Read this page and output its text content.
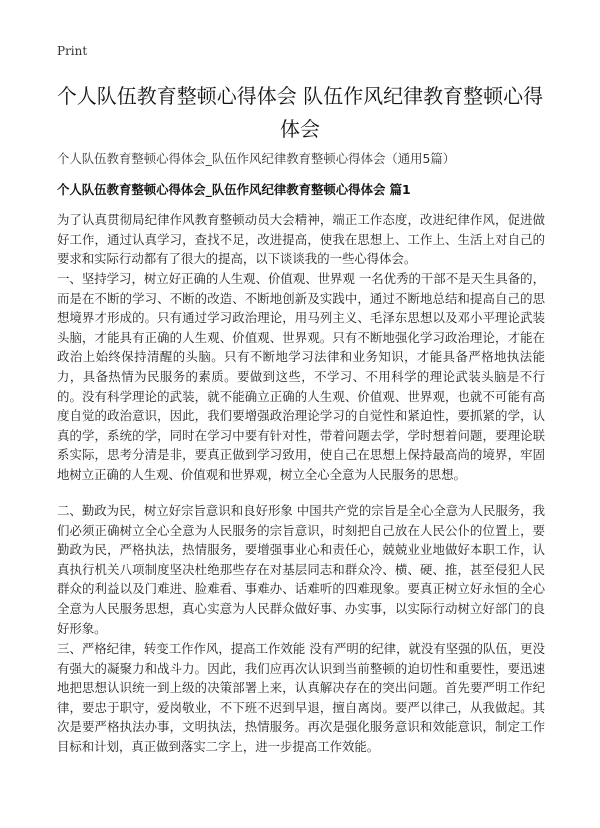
Print
个人队伍教育整顿心得体会 队伍作风纪律教育整顿心得体会
个人队伍教育整顿心得体会_队伍作风纪律教育整顿心得体会（通用5篇）
个人队伍教育整顿心得体会_队伍作风纪律教育整顿心得体会 篇1

为了认真贯彻局纪律作风教育整顿动员大会精神，端正工作态度，改进纪律作风，促进做好工作，通过认真学习，查找不足，改进提高，使我在思想上、工作上、生活上对自己的要求和实际行动都有了很大的提高，以下谈谈我的一些心得体会。

一、坚持学习，树立好正确的人生观、价值观、世界观 一名优秀的干部不是天生具备的，而是在不断的学习、不断的改造、不断地创新及实践中，通过不断地总结和提高自己的思想境界才形成的。只有通过学习政治理论，用马列主义、毛泽东思想以及邓小平理论武装头脑，才能具有正确的人生观、价值观、世界观。只有不断地强化学习政治理论，才能在政治上始终保持清醒的头脑。只有不断地学习法律和业务知识，才能具备严格地执法能力，具备热情为民服务的素质。要做到这些，不学习、不用科学的理论武装头脑是不行的。没有科学理论的武装，就不能确立正确的人生观、价值观、世界观，也就不可能有高度自觉的政治意识，因此，我们要增强政治理论学习的自觉性和紧迫性，要抓紧的学，认真的学，系统的学，同时在学习中要有针对性，带着问题去学，学时想着问题，要理论联系实际，思考分清是非，要真正做到学习致用，使自己在思想上保持最高尚的境界，牢固地树立正确的人生观、价值观和世界观，树立全心全意为人民服务的思想。

二、勤政为民，树立好宗旨意识和良好形象 中国共产党的宗旨是全心全意为人民服务，我们必须正确树立全心全意为人民服务的宗旨意识，时刻把自己放在人民公仆的位置上，要勤政为民，严格执法，热情服务，要增强事业心和责任心，兢兢业业地做好本职工作，认真执行机关八项制度坚决杜绝那些存在对基层同志和群众冷、横、硬、推，甚至侵犯人民群众的利益以及门难进、脸难看、事难办、话难听的四难现象。要真正树立好永恒的全心全意为人民服务思想，真心实意为人民群众做好事、办实事，以实际行动树立好部门的良好形象。

三、严格纪律，转变工作作风，提高工作效能 没有严明的纪律，就没有坚强的队伍，更没有强大的凝聚力和战斗力。因此，我们应再次认识到当前整顿的迫切性和重要性，要迅速地把思想认识统一到上级的决策部署上来，认真解决存在的突出问题。首先要严明工作纪律，要忠于职守，爱岗敬业，不下班不迟到早退，擅自离岗。要严以律己，从我做起。其次是要严格执法办事，文明执法，热情服务。再次是强化服务意识和效能意识，制定工作目标和计划，真正做到落实二字上，进一步提高工作效能。
